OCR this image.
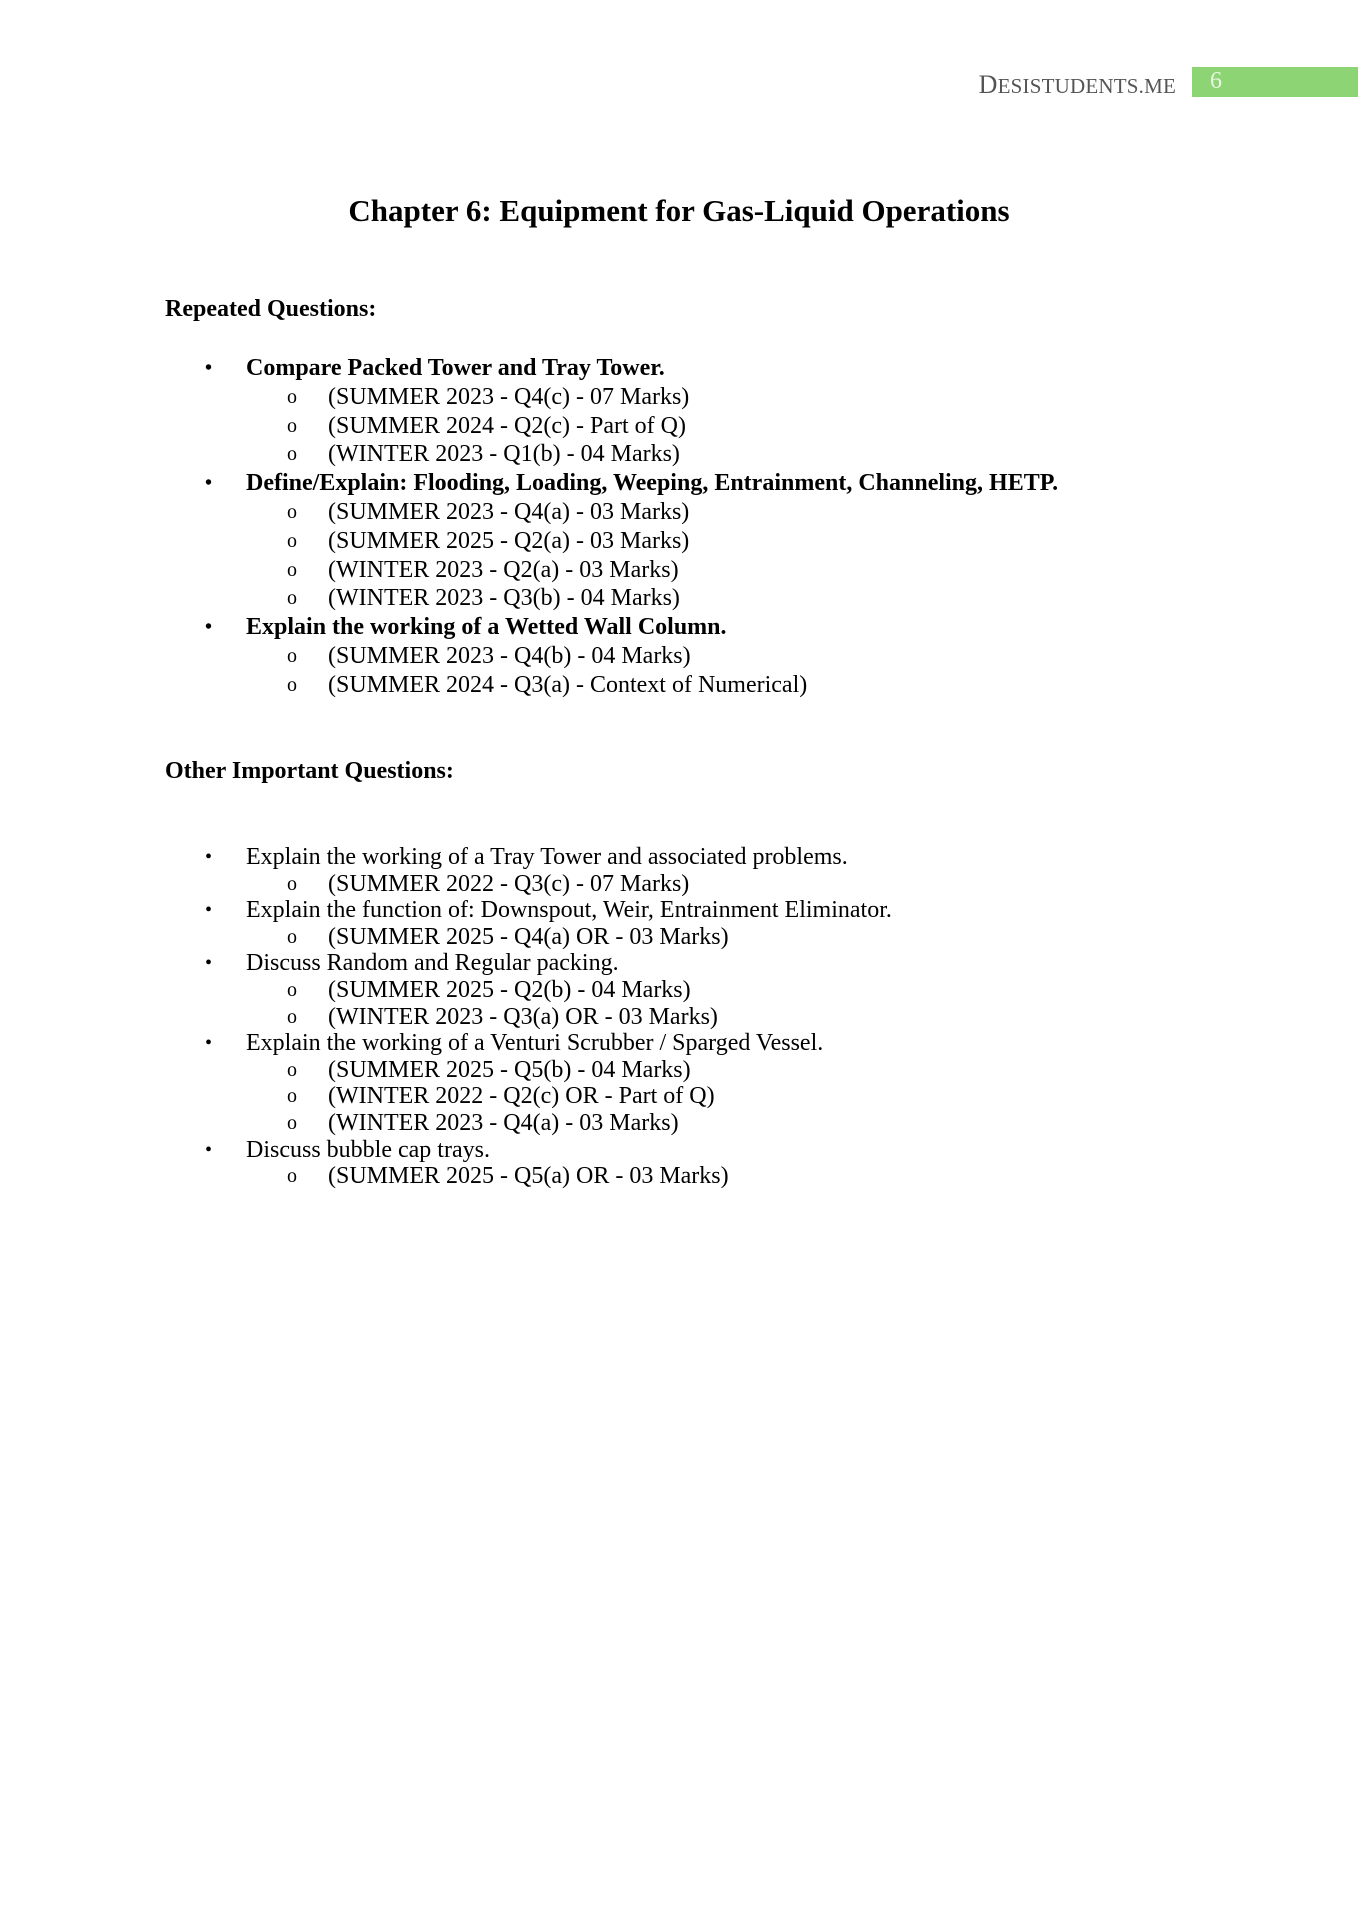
DESISTUDENTS.ME 6
Chapter 6: Equipment for Gas-Liquid Operations
Repeated Questions:
• Compare Packed Tower and Tray Tower.
o (SUMMER 2023 - Q4(c) - 07 Marks)
o (SUMMER 2024 - Q2(c) - Part of Q)
o (WINTER 2023 - Q1(b) - 04 Marks)
• Define/Explain: Flooding, Loading, Weeping, Entrainment, Channeling, HETP.
o (SUMMER 2023 - Q4(a) - 03 Marks)
o (SUMMER 2025 - Q2(a) - 03 Marks)
o (WINTER 2023 - Q2(a) - 03 Marks)
o (WINTER 2023 - Q3(b) - 04 Marks)
• Explain the working of a Wetted Wall Column.
o (SUMMER 2023 - Q4(b) - 04 Marks)
o (SUMMER 2024 - Q3(a) - Context of Numerical)
Other Important Questions:
• Explain the working of a Tray Tower and associated problems.
o (SUMMER 2022 - Q3(c) - 07 Marks)
• Explain the function of: Downspout, Weir, Entrainment Eliminator.
o (SUMMER 2025 - Q4(a) OR - 03 Marks)
• Discuss Random and Regular packing.
o (SUMMER 2025 - Q2(b) - 04 Marks)
o (WINTER 2023 - Q3(a) OR - 03 Marks)
• Explain the working of a Venturi Scrubber / Sparged Vessel.
o (SUMMER 2025 - Q5(b) - 04 Marks)
o (WINTER 2022 - Q2(c) OR - Part of Q)
o (WINTER 2023 - Q4(a) - 03 Marks)
• Discuss bubble cap trays.
o (SUMMER 2025 - Q5(a) OR - 03 Marks)
